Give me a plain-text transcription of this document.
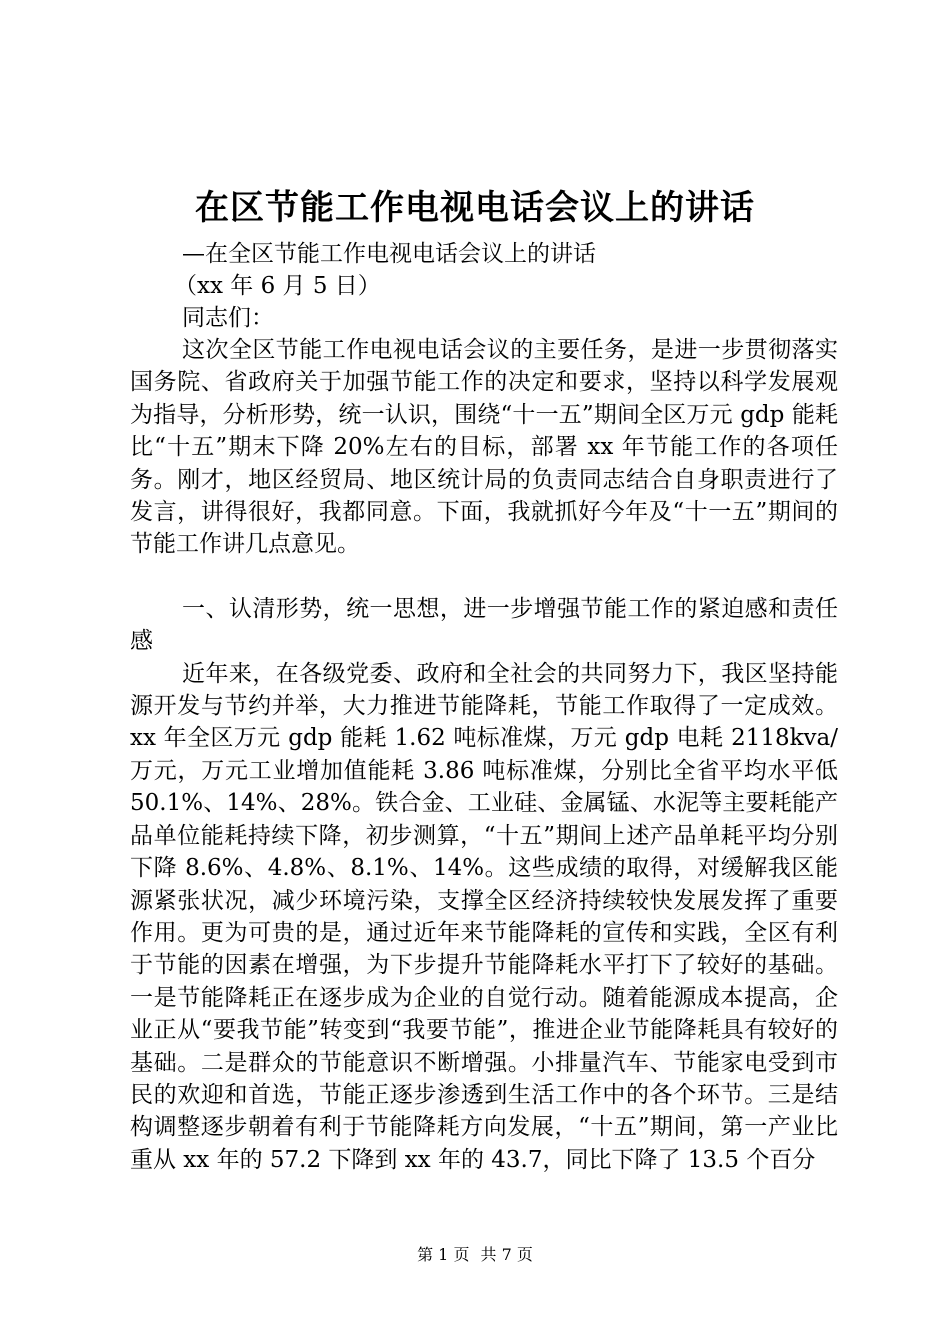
在区节能工作电视电话会议上的讲话

—在全区节能工作电视电话会议上的讲话

（xx 年 6 月 5 日）

同志们：

这次全区节能工作电视电话会议的主要任务，是进一步贯彻落实国务院、省政府关于加强节能工作的决定和要求，坚持以科学发展观为指导，分析形势，统一认识，围绕“十一五”期间全区万元 gdp 能耗比“十五”期末下降 20%左右的目标，部署 xx 年节能工作的各项任务。刚才，地区经贸局、地区统计局的负责同志结合自身职责进行了发言，讲得很好，我都同意。下面，我就抓好今年及“十一五”期间的节能工作讲几点意见。

一、认清形势，统一思想，进一步增强节能工作的紧迫感和责任感

近年来，在各级党委、政府和全社会的共同努力下，我区坚持能源开发与节约并举，大力推进节能降耗，节能工作取得了一定成效。xx 年全区万元 gdp 能耗 1.62 吨标准煤，万元 gdp 电耗 2118kva/万元，万元工业增加值能耗 3.86 吨标准煤，分别比全省平均水平低 50.1%、14%、28%。铁合金、工业硅、金属锰、水泥等主要耗能产品单位能耗持续下降，初步测算，“十五”期间上述产品单耗平均分别下降 8.6%、4.8%、8.1%、14%。这些成绩的取得，对缓解我区能源紧张状况，减少环境污染，支撑全区经济持续较快发展发挥了重要作用。更为可贵的是，通过近年来节能降耗的宣传和实践，全区有利于节能的因素在增强，为下步提升节能降耗水平打下了较好的基础。一是节能降耗正在逐步成为企业的自觉行动。随着能源成本提高，企业正从“要我节能”转变到“我要节能”，推进企业节能降耗具有较好的基础。二是群众的节能意识不断增强。小排量汽车、节能家电受到市民的欢迎和首选，节能正逐步渗透到生活工作中的各个环节。三是结构调整逐步朝着有利于节能降耗方向发展，“十五”期间，第一产业比重从 xx 年的 57.2 下降到 xx 年的 43.7，同比下降了 13.5 个百分

第 1 页 共 7 页
